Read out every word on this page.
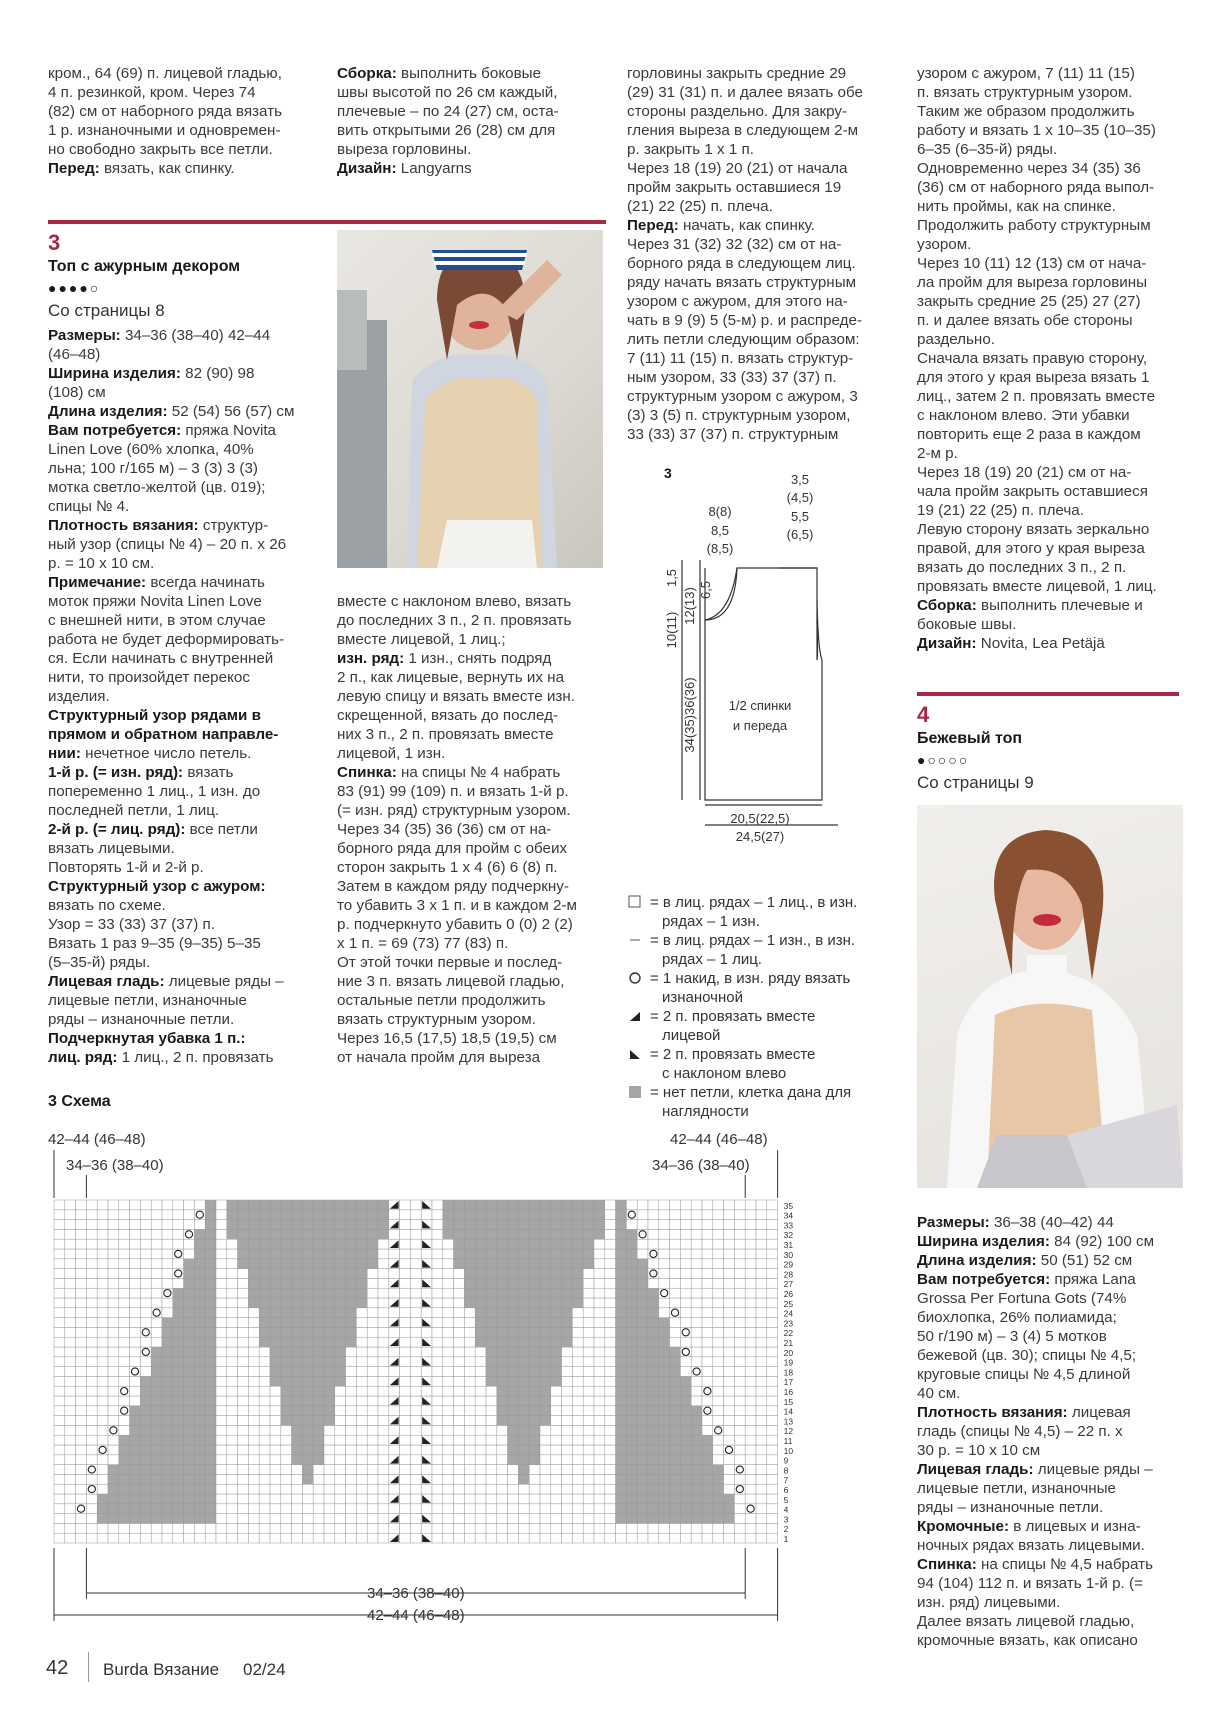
кром., 64 (69) п. лицевой гладью,

4 п. резинкой, кром. Через 74

(82) см от наборного ряда вязать

1 р. изнаночными и одновремен-

но свободно закрыть все петли.

Перед: вязать, как спинку.

Сборка: выполнить боковые

швы высотой по 26 см каждый,

плечевые – по 24 (27) см, оста-

вить открытыми 26 (28) см для

выреза горловины.

Дизайн: Langyarns

горловины закрыть средние 29

(29) 31 (31) п. и далее вязать обе

стороны раздельно. Для закру-

гления выреза в следующем 2-м

р. закрыть 1 х 1 п.

Через 18 (19) 20 (21) от начала

пройм закрыть оставшиеся 19

(21) 22 (25) п. плеча.

Перед: начать, как спинку.

Через 31 (32) 32 (32) см от на-

борного ряда в следующем лиц.

ряду начать вязать структурным

узором с ажуром, для этого на-

чать в 9 (9) 5 (5-м) р. и распреде-

лить петли следующим образом:

7 (11) 11 (15) п. вязать структур-

ным узором, 33 (33) 37 (37) п.

структурным узором с ажуром, 3

(3) 3 (5) п. структурным узором,

33 (33) 37 (37) п. структурным

узором с ажуром, 7 (11) 11 (15)

п. вязать структурным узором.

Таким же образом продолжить

работу и вязать 1 х 10–35 (10–35)

6–35 (6–35-й) ряды.

Одновременно через 34 (35) 36

(36) см от наборного ряда выпол-

нить проймы, как на спинке.

Продолжить работу структурным

узором.

Через 10 (11) 12 (13) см от нача-

ла пройм для выреза горловины

закрыть средние 25 (25) 27 (27)

п. и далее вязать обе стороны

раздельно.

Сначала вязать правую сторону,

для этого у края выреза вязать 1

лиц., затем 2 п. провязать вместе

с наклоном влево. Эти убавки

повторить еще 2 раза в каждом

2-м р.

Через 18 (19) 20 (21) см от на-

чала пройм закрыть оставшиеся

19 (21) 22 (25) п. плеча.

Левую сторону вязать зеркально

правой, для этого у края выреза

вязать до последних 3 п., 2 п.

провязать вместе лицевой, 1 лиц.

Сборка: выполнить плечевые и

боковые швы.

Дизайн: Novita, Lea Petäjä

3
Топ с ажурным декором
●●●●○
Со страницы 8

Размеры: 34–36 (38–40) 42–44

(46–48)

Ширина изделия: 82 (90) 98

(108) см

Длина изделия: 52 (54) 56 (57) см

Вам потребуется: пряжа Novita

Linen Love (60% хлопка, 40%

льна; 100 г/165 м) – 3 (3) 3 (3)

мотка светло-желтой (цв. 019);

спицы № 4.

Плотность вязания: структур-

ный узор (спицы № 4) – 20 п. х 26

р. = 10 х 10 см.

Примечание: всегда начинать

моток пряжи Novita Linen Love

с внешней нити, в этом случае

работа не будет деформировать-

ся. Если начинать с внутренней

нити, то произойдет перекос

изделия.

Структурный узор рядами в

прямом и обратном направле-

нии: нечетное число петель.

1-й р. (= изн. ряд): вязать

попеременно 1 лиц., 1 изн. до

последней петли, 1 лиц.

2-й р. (= лиц. ряд): все петли

вязать лицевыми.

Повторять 1-й и 2-й р.

Структурный узор с ажуром:

вязать по схеме.

Узор = 33 (33) 37 (37) п.

Вязать 1 раз 9–35 (9–35) 5–35

(5–35-й) ряды.

Лицевая гладь: лицевые ряды –

лицевые петли, изнаночные

ряды – изнаночные петли.

Подчеркнутая убавка 1 п.:

лиц. ряд: 1 лиц., 2 п. провязать

вместе с наклоном влево, вязать

до последних 3 п., 2 п. провязать

вместе лицевой, 1 лиц.;

изн. ряд: 1 изн., снять подряд

2 п., как лицевые, вернуть их на

левую спицу и вязать вместе изн.

скрещенной, вязать до послед-

них 3 п., 2 п. провязать вместе

лицевой, 1 изн.

Спинка: на спицы № 4 набрать

83 (91) 99 (109) п. и вязать 1-й р.

(= изн. ряд) структурным узором.

Через 34 (35) 36 (36) см от на-

борного ряда для пройм с обеих

сторон закрыть 1 х 4 (6) 6 (8) п.

Затем в каждом ряду подчеркну-

то убавить 3 х 1 п. и в каждом 2-м

р. подчеркнуто убавить 0 (0) 2 (2)

х 1 п. = 69 (73) 77 (83) п.

От этой точки первые и послед-

ние 3 п. вязать лицевой гладью,

остальные петли продолжить

вязать структурным узором.

Через 16,5 (17,5) 18,5 (19,5) см

от начала пройм для выреза

3	3,5
(4,5)
5,5
(6,5)
8(8)
8,5
(8,5)
1,5
12(13) 6,5
10(11)
34(35)36(36) 1/2 спинки
и переда
20,5(22,5)
24,5(27)
= в лиц. рядах – 1 лиц., в изн.
рядах – 1 изн.
= в лиц. рядах – 1 изн., в изн.
рядах – 1 лиц.
= 1 накид, в изн. ряду вязать
изнаночной
= 2 п. провязать вместе
лицевой
= 2 п. провязать вместе
с наклоном влево
= нет петли, клетка дана для
наглядности
4
Бежевый топ
●○○○○
Со страницы 9

Размеры: 36–38 (40–42) 44

Ширина изделия: 84 (92) 100 см

Длина изделия: 50 (51) 52 см

Вам потребуется: пряжа Lana

Grossa Per Fortuna Gots (74%

биохлопка, 26% полиамида;

50 г/190 м) – 3 (4) 5 мотков

бежевой (цв. 30); спицы № 4,5;

круговые спицы № 4,5 длиной

40 см.

Плотность вязания: лицевая

гладь (спицы № 4,5) – 22 п. х

30 р. = 10 х 10 см

Лицевая гладь: лицевые ряды –

лицевые петли, изнаночные

ряды – изнаночные петли.

Кромочные: в лицевых и изна-

ночных рядах вязать лицевыми.

Спинка: на спицы № 4,5 набрать

94 (104) 112 п. и вязать 1-й р. (=

изн. ряд) лицевыми.

Далее вязать лицевой гладью,

кромочные вязать, как описано

3 Схема
42–44 (46–48)
34–36 (38–40)
42–44 (46–48)
34–36 (38–40)
1
2
3
4
5
6
7
8
9
10
11
12
13
14
15
16
17
18
19
20
21
22
23
24
25
26
27
28
29
30
31
32
33
34
35
34–36 (38–40)
42–44 (46–48)
42 Burda Вязание 02/24
